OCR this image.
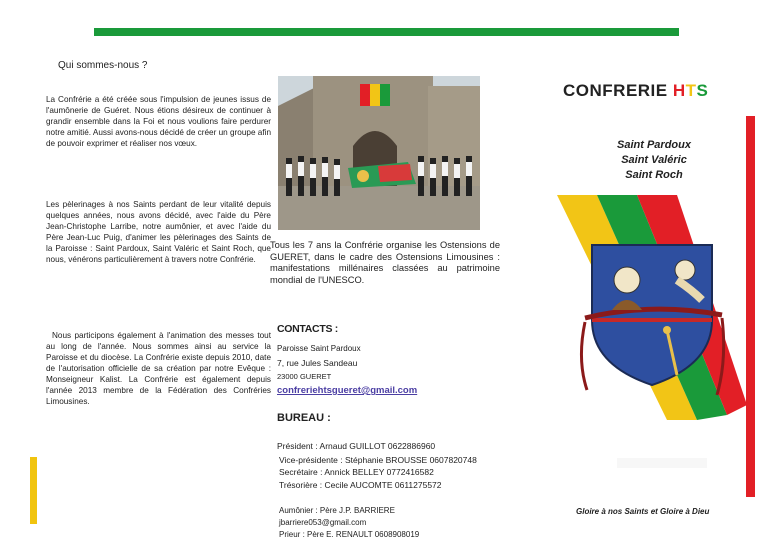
Qui sommes-nous ?
La Confrérie a été créée sous l'impulsion de jeunes issus de l'aumônerie de Guéret. Nous étions désireux de continuer à grandir ensemble dans la Foi et nous voulions faire perdurer notre amitié. Aussi avons-nous décidé de créer un groupe afin de pouvoir exprimer et réaliser nos vœux.
Les pèlerinages à nos Saints perdant de leur vitalité depuis quelques années, nous avons décidé, avec l'aide du Père Jean-Christophe Larribe, notre aumônier, et avec l'aide du Père Jean-Luc Puig, d'animer les pèlerinages des Saints de la Paroisse : Saint Pardoux, Saint Valéric et Saint Roch, que nous, vénérons particulièrement à travers notre Confrérie.
Nous participons également à l'animation des messes tout au long de l'année. Nous sommes ainsi au service la Paroisse et du diocèse. La Confrérie existe depuis 2010, date de l'autorisation officielle de sa création par notre Evêque : Monseigneur Kalist. La Confrérie est également depuis l'année 2013 membre de la Fédération des Confréries Limousines.
Tous les 7 ans la Confrérie organise les Ostensions de GUERET, dans le cadre des Ostensions Limousines : manifestations millénaires classées au patrimoine mondial de l'UNESCO.
CONTACTS :
Paroisse Saint Pardoux
7, rue Jules Sandeau
23000 GUERET
confreriehtsgueret@gmail.com
BUREAU :
Président : Arnaud GUILLOT 0622886960
Vice-présidente : Stéphanie BROUSSE 0607820748
Secrétaire : Annick BELLEY 0772416582
Trésorière : Cecile AUCOMTE 0611275572
Aumônier : Père J.P. BARRIERE
jbarriere053@gmail.com
Prieur : Père E. RENAULT 0608908019
CONFRERIE HTS
Saint Pardoux
Saint Valéric
Saint Roch
Gloire à nos Saints et Gloire à Dieu
